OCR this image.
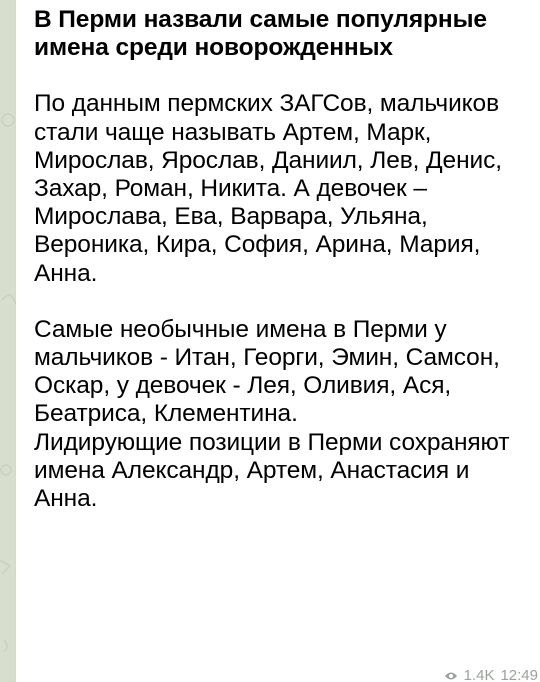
В Перми назвали самые популярные имена среди новорожденных

По данным пермских ЗАГСов, мальчиков стали чаще называть Артем, Марк, Мирослав, Ярослав, Даниил, Лев, Денис, Захар, Роман, Никита. А девочек – Мирослава, Ева, Варвара, Ульяна, Вероника, Кира, София, Арина, Мария, Анна.

Самые необычные имена в Перми у мальчиков - Итан, Георги, Эмин, Самсон, Оскар, у девочек - Лея, Оливия, Ася, Беатриса, Клементина.

Лидирующие позиции в Перми сохраняют имена Александр, Артем, Анастасия и Анна.

1.4K 12:49
